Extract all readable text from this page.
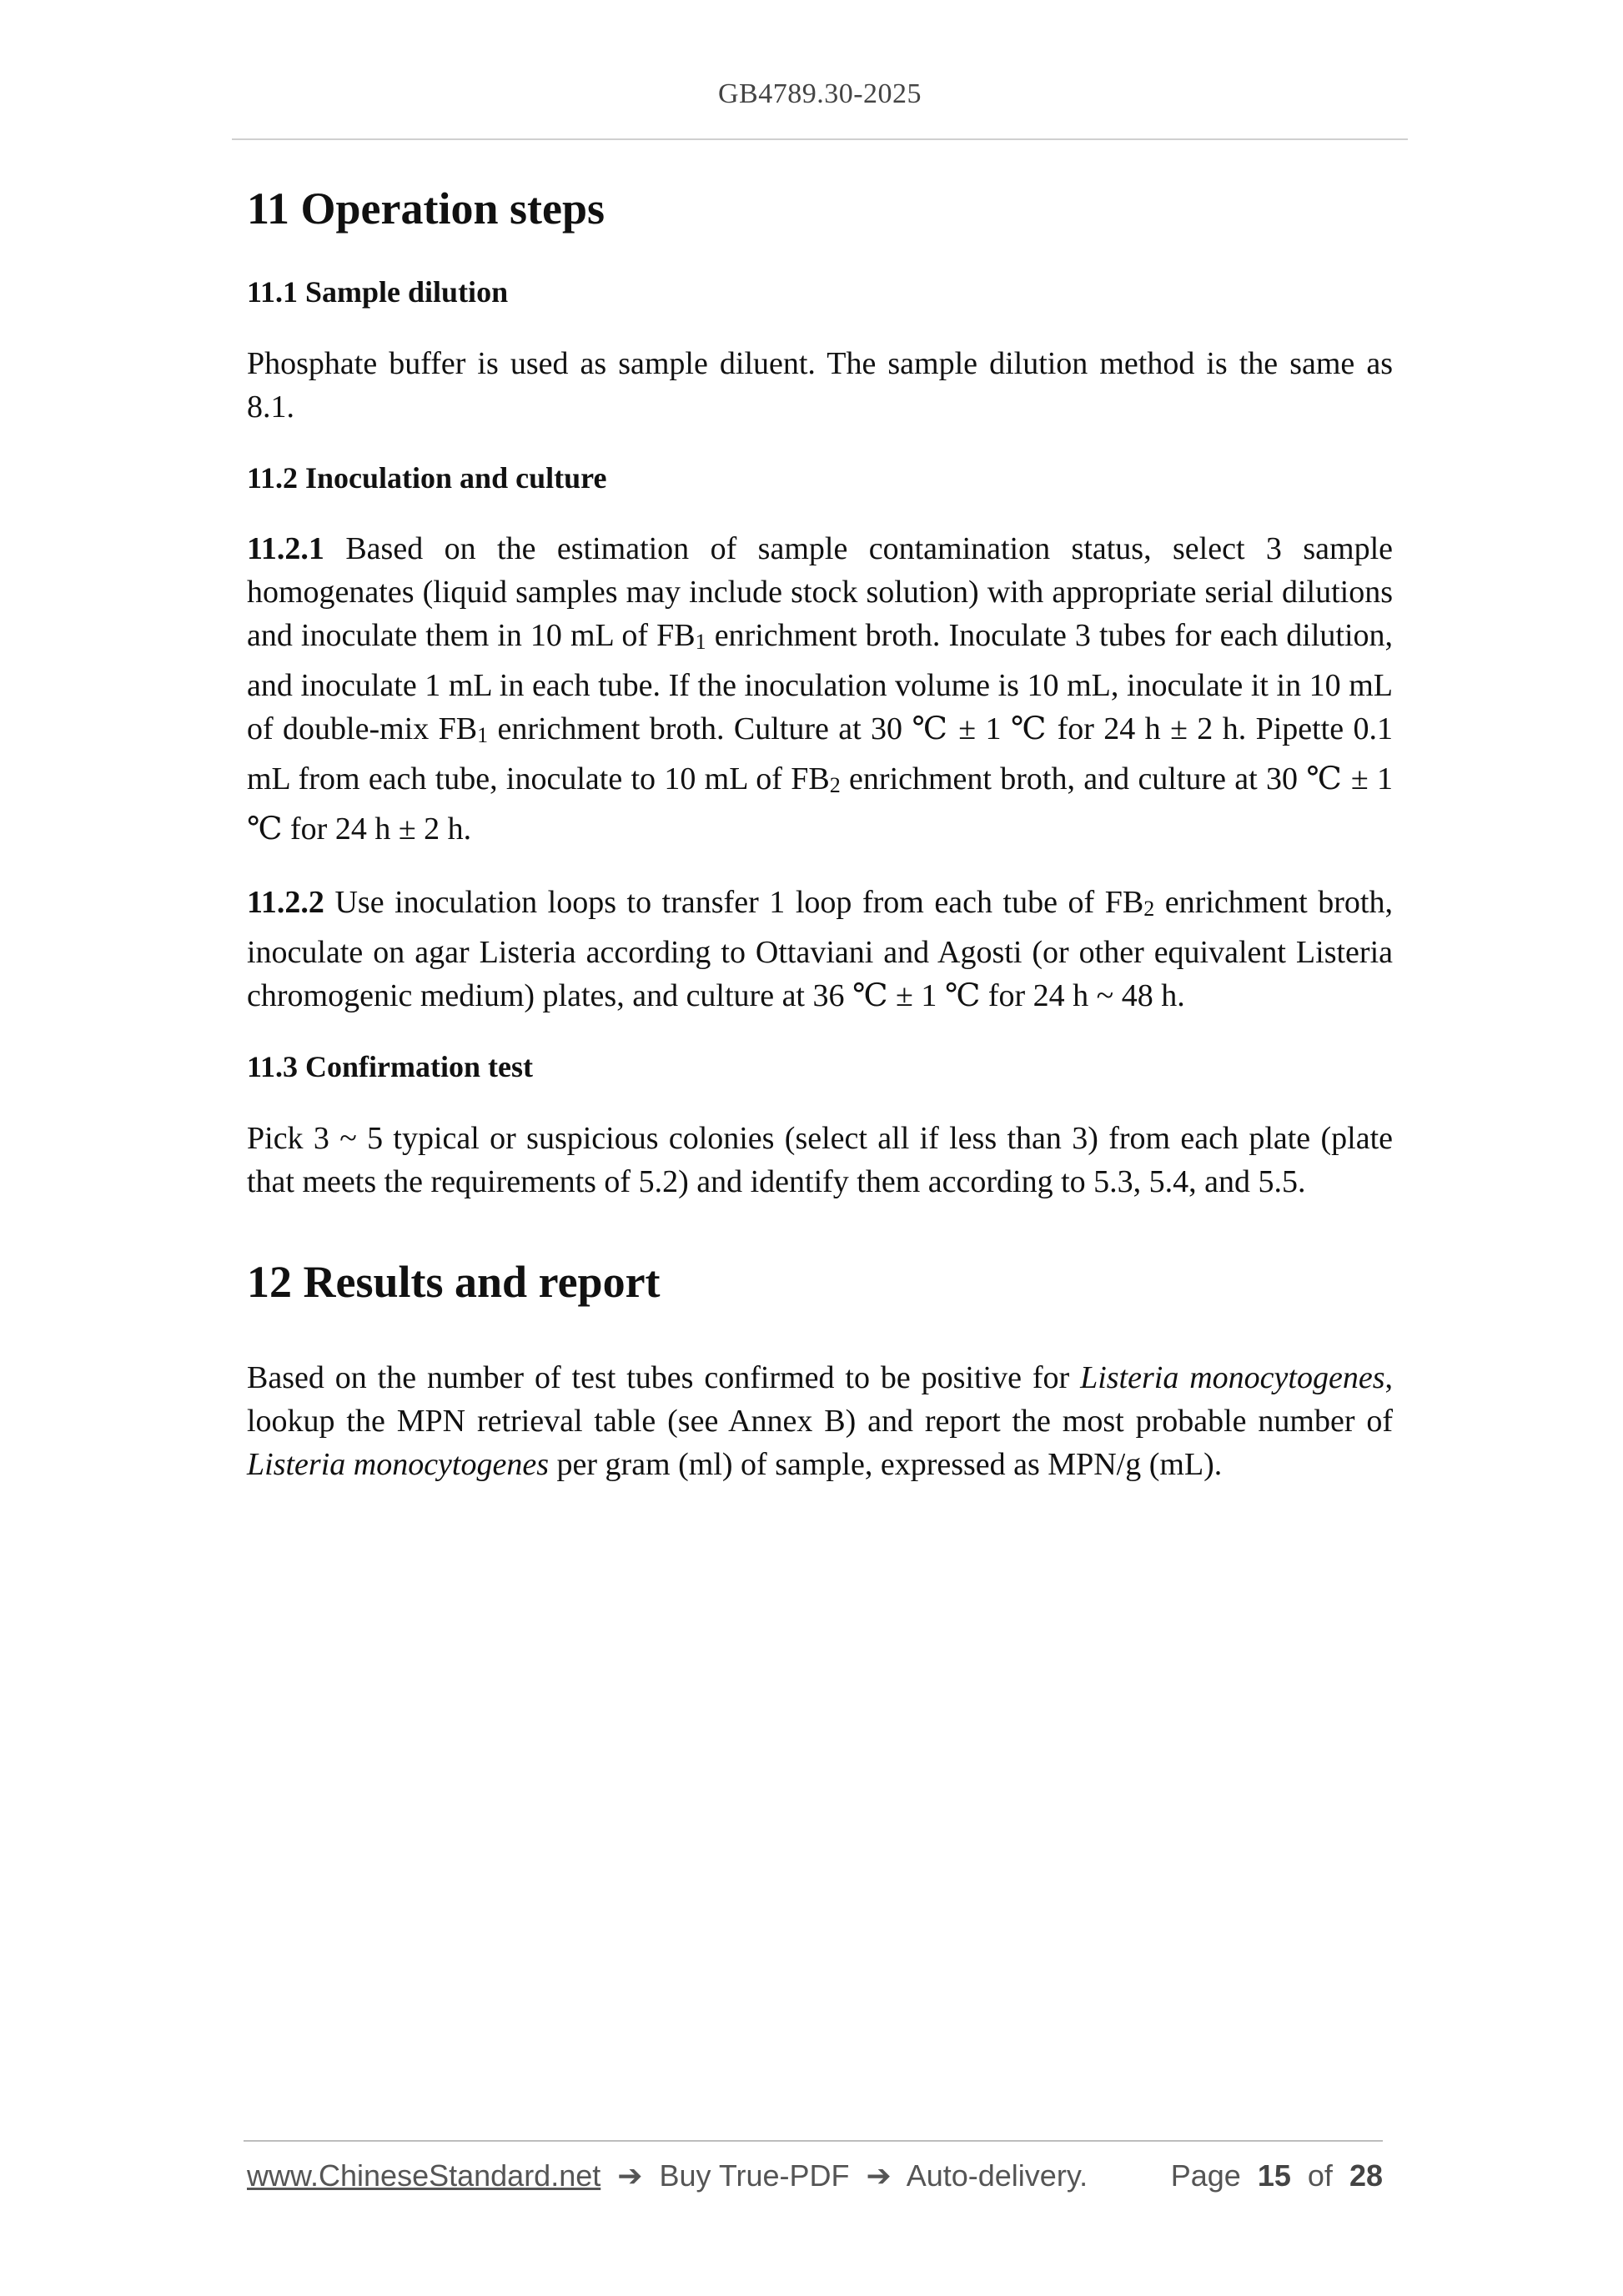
GB4789.30-2025
11 Operation steps
11.1 Sample dilution

Phosphate buffer is used as sample diluent. The sample dilution method is the same as 8.1.

11.2 Inoculation and culture

11.2.1 Based on the estimation of sample contamination status, select 3 sample homogenates (liquid samples may include stock solution) with appropriate serial dilutions and inoculate them in 10 mL of FB1 enrichment broth. Inoculate 3 tubes for each dilution, and inoculate 1 mL in each tube. If the inoculation volume is 10 mL, inoculate it in 10 mL of double-mix FB1 enrichment broth. Culture at 30 ℃ ± 1 ℃ for 24 h ± 2 h. Pipette 0.1 mL from each tube, inoculate to 10 mL of FB2 enrichment broth, and culture at 30 ℃ ± 1 ℃ for 24 h ± 2 h.

11.2.2 Use inoculation loops to transfer 1 loop from each tube of FB2 enrichment broth, inoculate on agar Listeria according to Ottaviani and Agosti (or other equivalent Listeria chromogenic medium) plates, and culture at 36 ℃ ± 1 ℃ for 24 h ~ 48 h.

11.3 Confirmation test

Pick 3 ~ 5 typical or suspicious colonies (select all if less than 3) from each plate (plate that meets the requirements of 5.2) and identify them according to 5.3, 5.4, and 5.5.

12 Results and report

Based on the number of test tubes confirmed to be positive for Listeria monocytogenes, lookup the MPN retrieval table (see Annex B) and report the most probable number of Listeria monocytogenes per gram (ml) of sample, expressed as MPN/g (mL).

www.ChineseStandard.net ➔ Buy True-PDF ➔ Auto-delivery.	Page 15 of 28
